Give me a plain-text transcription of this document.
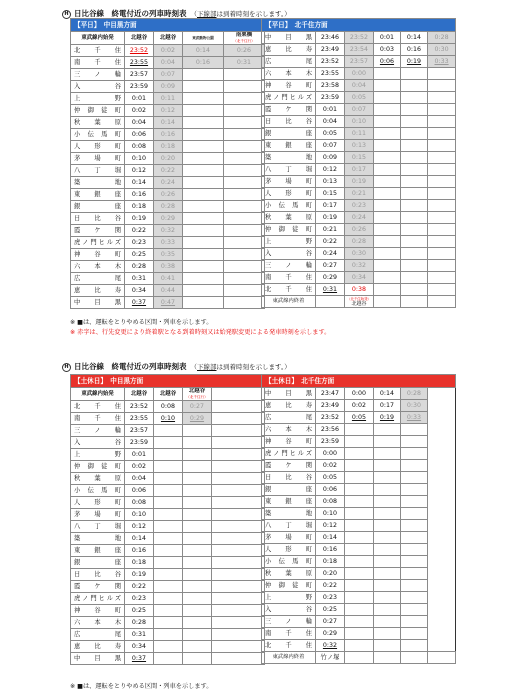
H 日比谷線　終電付近の列車時刻表 （下線部は到着時刻を示します。）
【平日】　中目黒方面				
東武線内始発	北越谷	北越谷	東武動物公園	南栗橋
（北千住行）

北千住	23:52	0:02	0:14	0:26
南千住	23:55	0:04	0:16	0:31
三ノ輪	23:57	0:07		
入谷	23:59	0:09		
上野	0:01	0:11		
仲御徒町	0:02	0:12		
秋葉原	0:04	0:14		
小伝馬町	0:06	0:16		
人形町	0:08	0:18		
茅場町	0:10	0:20		
八丁堀	0:12	0:22		
築地	0:14	0:24		
東銀座	0:16	0:26		
銀座	0:18	0:28		
日比谷	0:19	0:29		
霞ケ関	0:22	0:32		
虎ノ門ヒルズ	0:23	0:33		
神谷町	0:25	0:35		
六本木	0:28	0:38		
広尾	0:31	0:41		
恵比寿	0:34	0:44		
中目黒	0:37	0:47		
【平日】　北千住方面					
中目黒	23:46	23:52	0:01	0:14	0:28
恵比寿	23:49	23:54	0:03	0:16	0:30
広尾	23:52	23:57	0:06	0:19	0:33
六本木	23:55	0:00			
神谷町	23:58	0:04			
虎ノ門ヒルズ	23:59	0:05			
霞ケ関	0:01	0:07			
日比谷	0:04	0:10			
銀座	0:05	0:11			
東銀座	0:07	0:13			
築地	0:09	0:15			
八丁堀	0:12	0:17			
茅場町	0:13	0:19			
人形町	0:15	0:21			
小伝馬町	0:17	0:23			
秋葉原	0:19	0:24			
仲御徒町	0:21	0:26			
上野	0:22	0:28			
入谷	0:24	0:30			
三ノ輪	0:27	0:32			
南千住	0:29	0:34			
北千住	0:31	0:38			
東武線内終着		（北千住始発）
北越谷			

※ ■は、運転をとりやめる区間・列車を示します。
※ 赤字は、行先変更により終着駅となる到着時刻又は始発駅変更による発車時刻を示します。
H 日比谷線　終電付近の列車時刻表 （下線部は到着時刻を示します。）
【土休日】　中目黒方面				
東武線内始発	北越谷	北越谷	北越谷
（北千住行）	

北千住	23:52	0:08	0:27	
南千住	23:55	0:10	0:29	
三ノ輪	23:57			
入谷	23:59			
上野	0:01			
仲御徒町	0:02			
秋葉原	0:04			
小伝馬町	0:06			
人形町	0:08			
茅場町	0:10			
八丁堀	0:12			
築地	0:14			
東銀座	0:16			
銀座	0:18			
日比谷	0:19			
霞ケ関	0:22			
虎ノ門ヒルズ	0:23			
神谷町	0:25			
六本木	0:28			
広尾	0:31			
恵比寿	0:34			
中目黒	0:37			
【土休日】　北千住方面					
中目黒	23:47	0:00	0:14	0:28	
恵比寿	23:49	0:02	0:17	0:30	
広尾	23:52	0:05	0:19	0:33	
六本木	23:56				
神谷町	23:59				
虎ノ門ヒルズ	0:00				
霞ケ関	0:02				
日比谷	0:05				
銀座	0:06				
東銀座	0:08				
築地	0:10				
八丁堀	0:12				
茅場町	0:14				
人形町	0:16				
小伝馬町	0:18				
秋葉原	0:20				
仲御徒町	0:22				
上野	0:23				
入谷	0:25				
三ノ輪	0:27				
南千住	0:29				
北千住	0:32				
東武線内終着	竹ノ塚				
※ ■は、運転をとりやめる区間・列車を示します。
